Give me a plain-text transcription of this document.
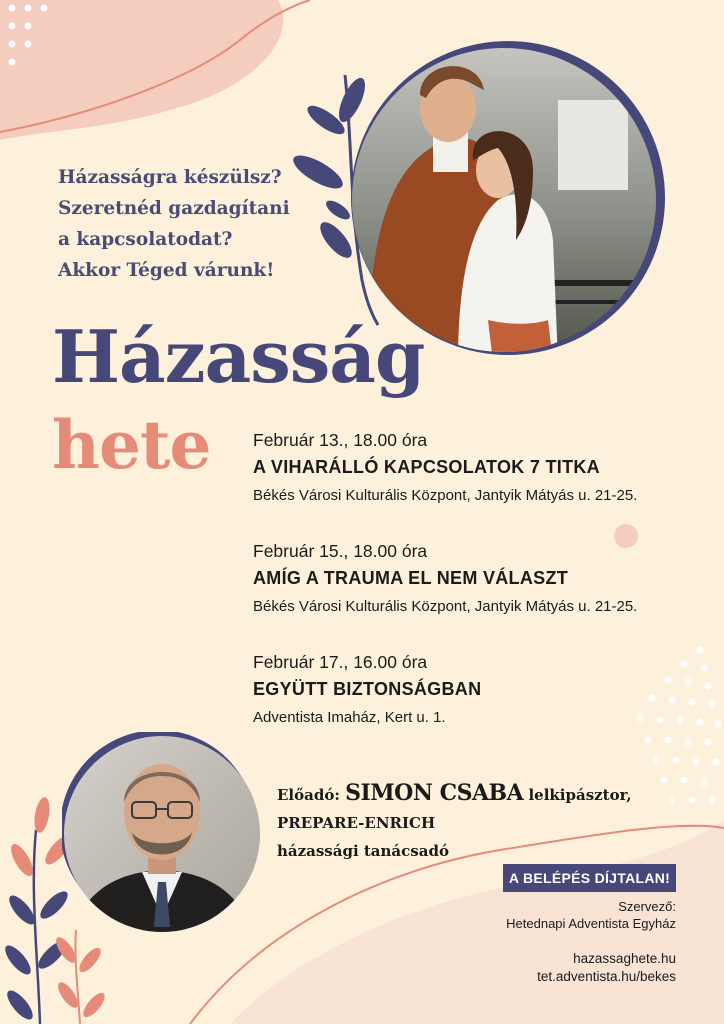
Házasságra készülsz?
Szeretnéd gazdagítani
a kapcsolatodat?
Akkor Téged várunk!
Házasság
hete Február 13., 18.00 óra
A VIHARÁLLÓ KAPCSOLATOK 7 TITKA
Békés Városi Kulturális Központ, Jantyik Mátyás u. 21-25.
Február 15., 18.00 óra
AMÍG A TRAUMA EL NEM VÁLASZT
Békés Városi Kulturális Központ, Jantyik Mátyás u. 21-25.
Február 17., 16.00 óra
EGYÜTT BIZTONSÁGBAN
Adventista Imaház, Kert u. 1.
Előadó: SIMON CSABA lelkipásztor,
PREPARE-ENRICH
házassági tanácsadó
A BELÉPÉS DÍJTALAN!
Szervező:
Hetednapi Adventista Egyház
hazassaghete.hu
tet.adventista.hu/bekes
